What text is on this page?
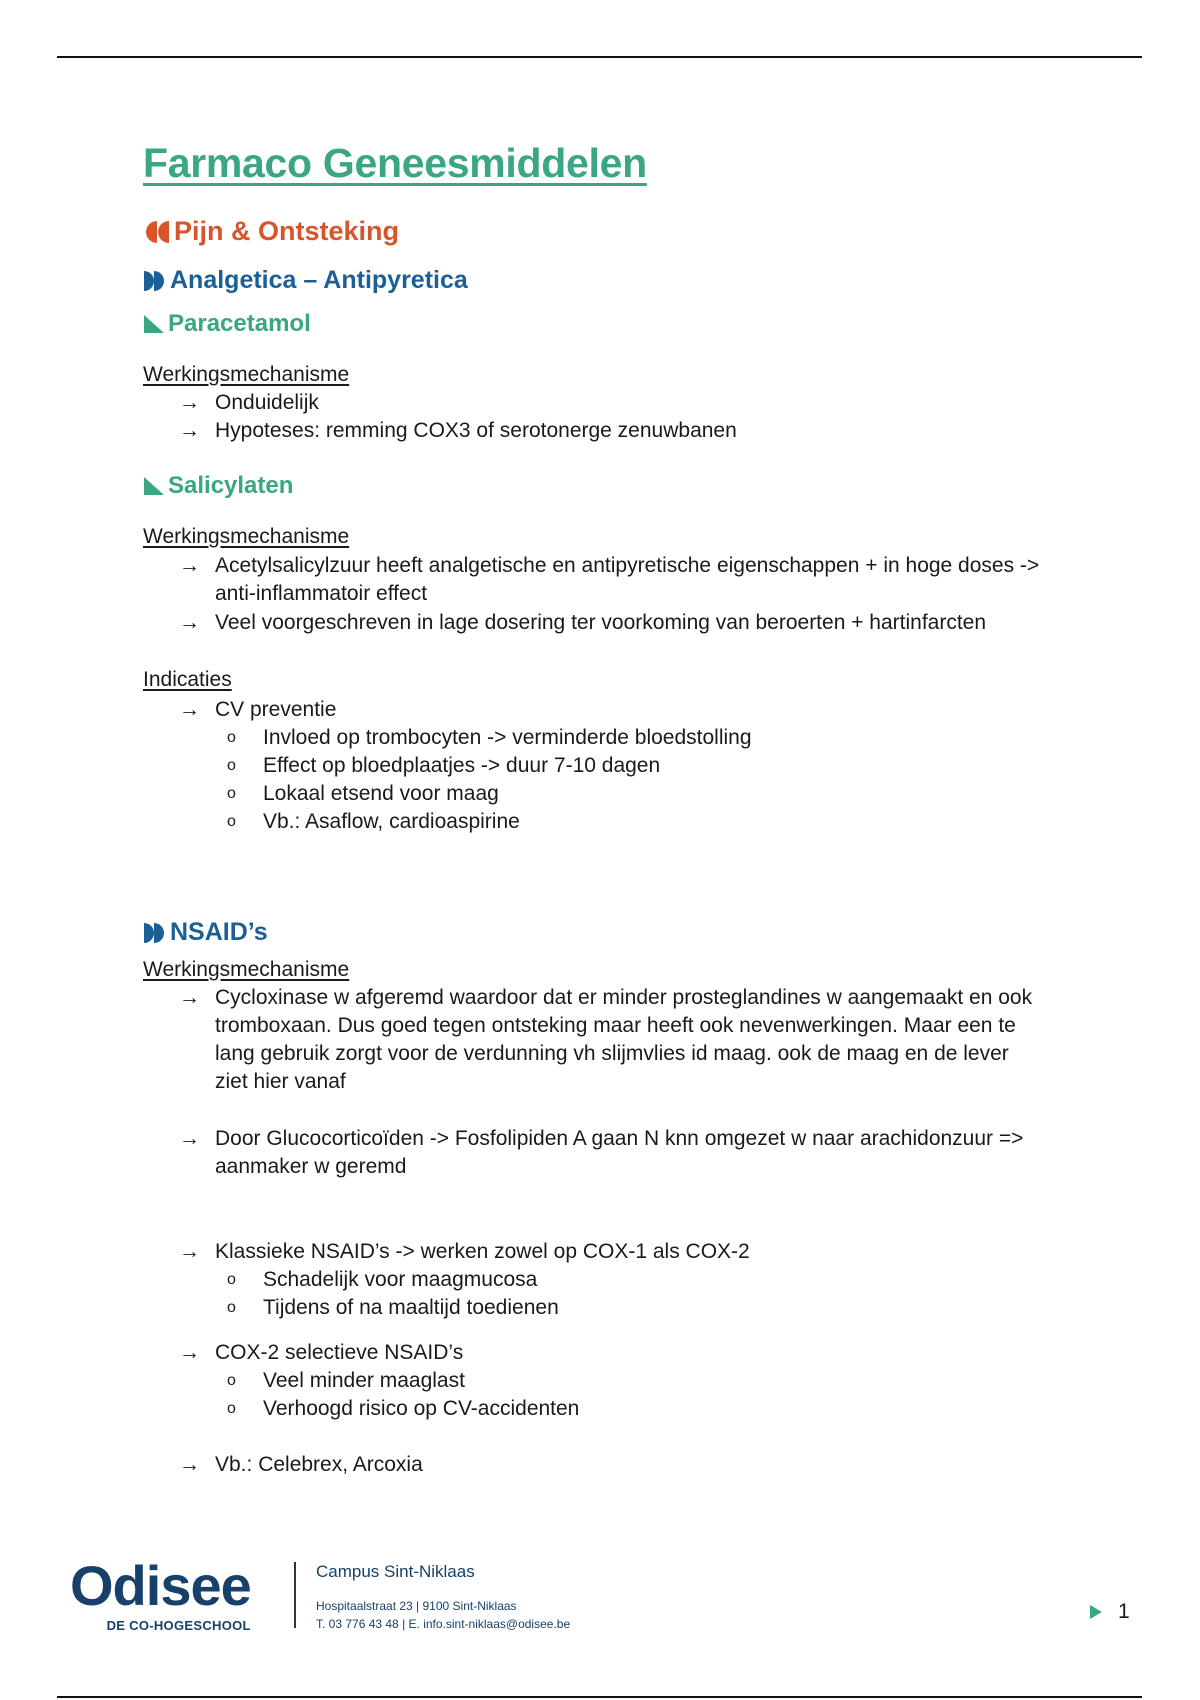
Farmaco Geneesmiddelen
Pijn & Ontsteking
Analgetica – Antipyretica
Paracetamol
Werkingsmechanisme
→ Onduidelijk
→ Hypoteses: remming COX3 of serotonerge zenuwbanen
Salicylaten
Werkingsmechanisme
→ Acetylsalicylzuur heeft analgetische en antipyretische eigenschappen + in hoge doses -> anti-inflammatoir effect
→ Veel voorgeschreven in lage dosering ter voorkoming van beroerten + hartinfarcten
Indicaties
→ CV preventie
o	Invloed op trombocyten -> verminderde bloedstolling
o	Effect op bloedplaatjes -> duur 7-10 dagen
o	Lokaal etsend voor maag
o	Vb.: Asaflow, cardioaspirine
NSAID’s
Werkingsmechanisme
→ Cycloxinase w afgeremd waardoor dat er minder prosteglandines w aangemaakt en ook tromboxaan. Dus goed tegen ontsteking maar heeft ook nevenwerkingen. Maar een te lang gebruik zorgt voor de verdunning vh slijmvlies id maag. ook de maag en de lever ziet hier vanaf
→ Door Glucocorticoïden -> Fosfolipiden A gaan N knn omgezet w naar arachidonzuur => aanmaker w geremd
→ Klassieke NSAID’s -> werken zowel op COX-1 als COX-2
o	Schadelijk voor maagmucosa
o	Tijdens of na maaltijd toedienen
→ COX-2 selectieve NSAID’s
o	Veel minder maaglast
o	Verhoogd risico op CV-accidenten
→ Vb.: Celebrex, Arcoxia
Odisee
DE CO-HOGESCHOOL
Campus Sint-Niklaas
Hospitaalstraat 23 | 9100 Sint-Niklaas
T. 03 776 43 48 | E. info.sint-niklaas@odisee.be
1
